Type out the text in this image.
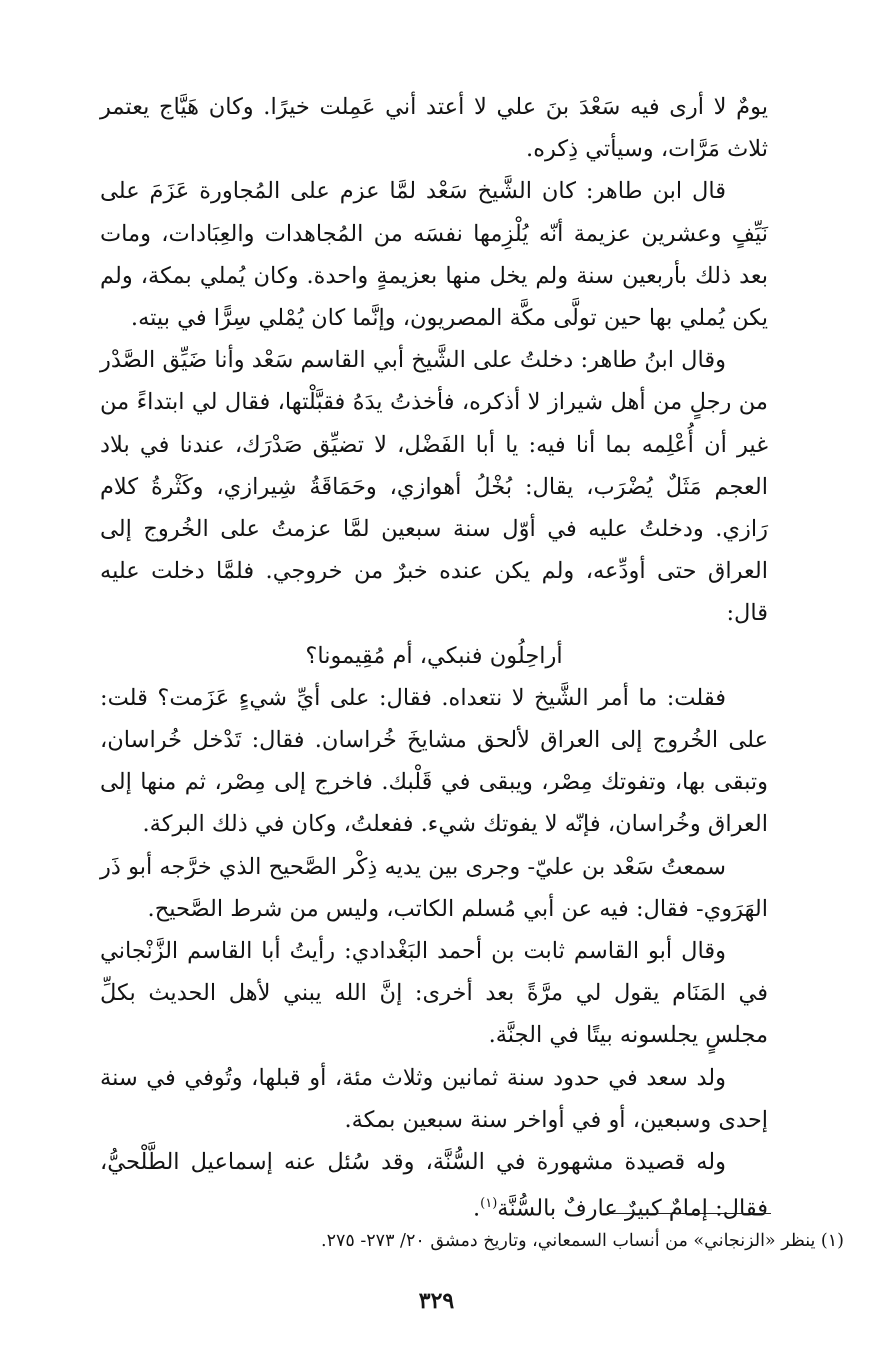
يومٌ لا أرى فيه سَعْدَ بنَ علي لا أعتد أني عَمِلت خيرًا. وكان هَيَّاج يعتمر ثلاث مَرَّات، وسيأتي ذِكره.

قال ابن طاهر: كان الشَّيخ سَعْد لمَّا عزم على المُجاورة عَزَمَ على نَيِّفٍ وعشرين عزيمة أنّه يُلْزِمها نفسَه من المُجاهدات والعِبَادات، ومات بعد ذلك بأربعين سنة ولم يخل منها بعزيمةٍ واحدة. وكان يُملي بمكة، ولم يكن يُملي بها حين تولَّى مكَّة المصريون، وإنَّما كان يُمْلي سِرًّا في بيته.

وقال ابنُ طاهر: دخلتُ على الشَّيخ أبي القاسم سَعْد وأنا ضَيِّق الصَّدْر من رجلٍ من أهل شيراز لا أذكره، فأخذتُ يدَهُ فقبَّلْتها، فقال لي ابتداءً من غير أن أُعْلِمه بما أنا فيه: يا أبا الفَضْل، لا تضيِّق صَدْرَك، عندنا في بلاد العجم مَثَلٌ يُضْرَب، يقال: بُخْلُ أهوازي، وحَمَاقَةُ شِيرازي، وكَثْرةُ كلام رَازي. ودخلتُ عليه في أوّل سنة سبعين لمَّا عزمتُ على الخُروج إلى العراق حتى أودِّعه، ولم يكن عنده خبرٌ من خروجي. فلمَّا دخلت عليه قال:

أراحِلُون فنبكي، أم مُقِيمونا؟

فقلت: ما أمر الشَّيخ لا نتعداه. فقال: على أيِّ شيءٍ عَزَمت؟ قلت: على الخُروج إلى العراق لألحق مشايخَ خُراسان. فقال: تَدْخل خُراسان، وتبقى بها، وتفوتك مِصْر، ويبقى في قَلْبك. فاخرج إلى مِصْر، ثم منها إلى العراق وخُراسان، فإنّه لا يفوتك شيء. ففعلتُ، وكان في ذلك البركة.

سمعتُ سَعْد بن عليّ- وجرى بين يديه ذِكْر الصَّحيح الذي خرَّجه أبو ذَر الهَرَوي- فقال: فيه عن أبي مُسلم الكاتب، وليس من شرط الصَّحيح.

وقال أبو القاسم ثابت بن أحمد البَغْدادي: رأيتُ أبا القاسم الزَّنْجاني في المَنَام يقول لي مرَّةً بعد أخرى: إنَّ الله يبني لأهل الحديث بكلِّ مجلسٍ يجلسونه بيتًا في الجنَّة.

ولد سعد في حدود سنة ثمانين وثلاث مئة، أو قبلها، وتُوفي في سنة إحدى وسبعين، أو في أواخر سنة سبعين بمكة.

وله قصيدة مشهورة في السُّنَّة، وقد سُئل عنه إسماعيل الطَّلْحيُّ، فقال: إمامٌ كبيرٌ عارفٌ بالسُّنَّة$^{(١)}$.

(١) ينظر «الزنجاني» من أنساب السمعاني، وتاريخ دمشق ٢٠/ ٢٧٣- ٢٧٥.
٣٢٩
